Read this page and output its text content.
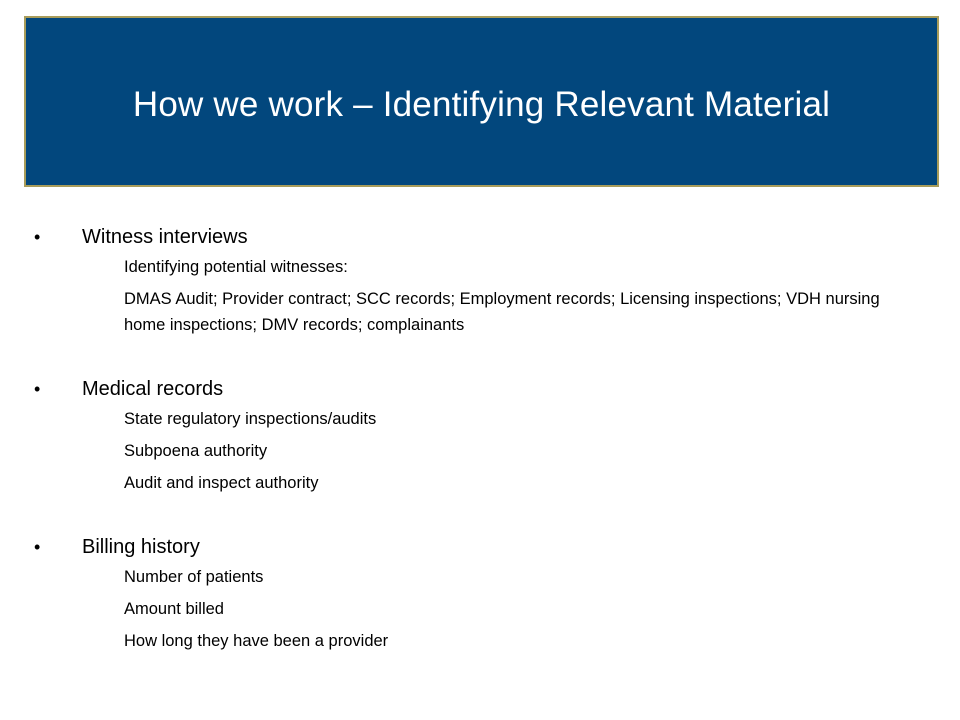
How we work – Identifying Relevant Material
•	Witness interviews
Identifying potential witnesses:
DMAS Audit; Provider contract; SCC records; Employment records; Licensing inspections; VDH nursing home inspections; DMV records; complainants
•	Medical records
State regulatory inspections/audits
Subpoena authority
Audit and inspect authority
•	Billing history
Number of patients
Amount billed
How long they have been a provider
